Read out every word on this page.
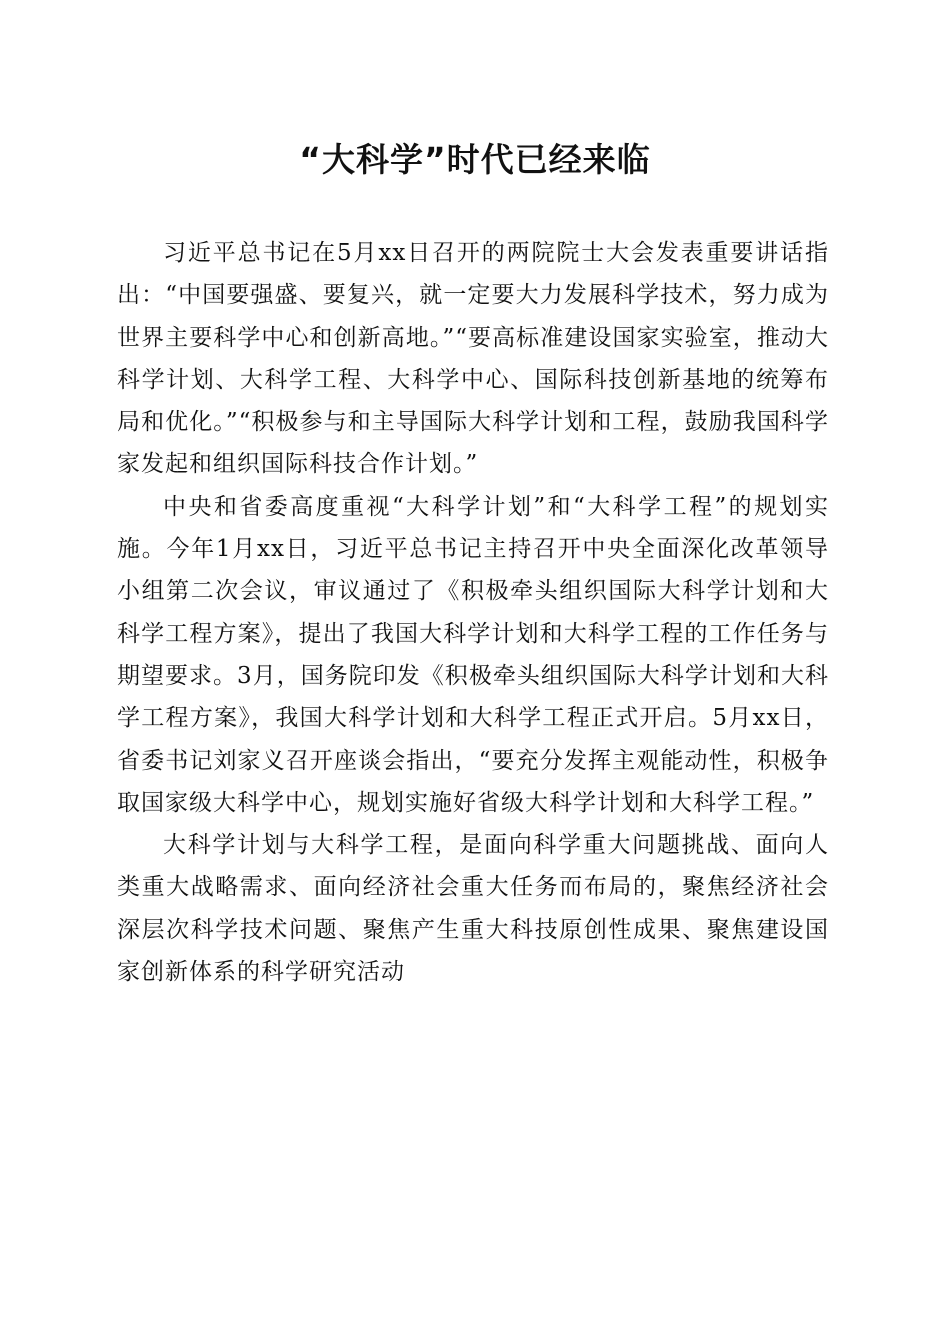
“大科学”时代已经来临

习近平总书记在5月xx日召开的两院院士大会发表重要讲话指出：“中国要强盛、要复兴，就一定要大力发展科学技术，努力成为世界主要科学中心和创新高地。”“要高标准建设国家实验室，推动大科学计划、大科学工程、大科学中心、国际科技创新基地的统筹布局和优化。”“积极参与和主导国际大科学计划和工程，鼓励我国科学家发起和组织国际科技合作计划。”

中央和省委高度重视“大科学计划”和“大科学工程”的规划实施。今年1月xx日，习近平总书记主持召开中央全面深化改革领导小组第二次会议，审议通过了《积极牵头组织国际大科学计划和大科学工程方案》，提出了我国大科学计划和大科学工程的工作任务与期望要求。3月，国务院印发《积极牵头组织国际大科学计划和大科学工程方案》，我国大科学计划和大科学工程正式开启。5月xx日，省委书记刘家义召开座谈会指出，“要充分发挥主观能动性，积极争取国家级大科学中心，规划实施好省级大科学计划和大科学工程。”

大科学计划与大科学工程，是面向科学重大问题挑战、面向人类重大战略需求、面向经济社会重大任务而布局的，聚焦经济社会深层次科学技术问题、聚焦产生重大科技原创性成果、聚焦建设国家创新体系的科学研究活动
